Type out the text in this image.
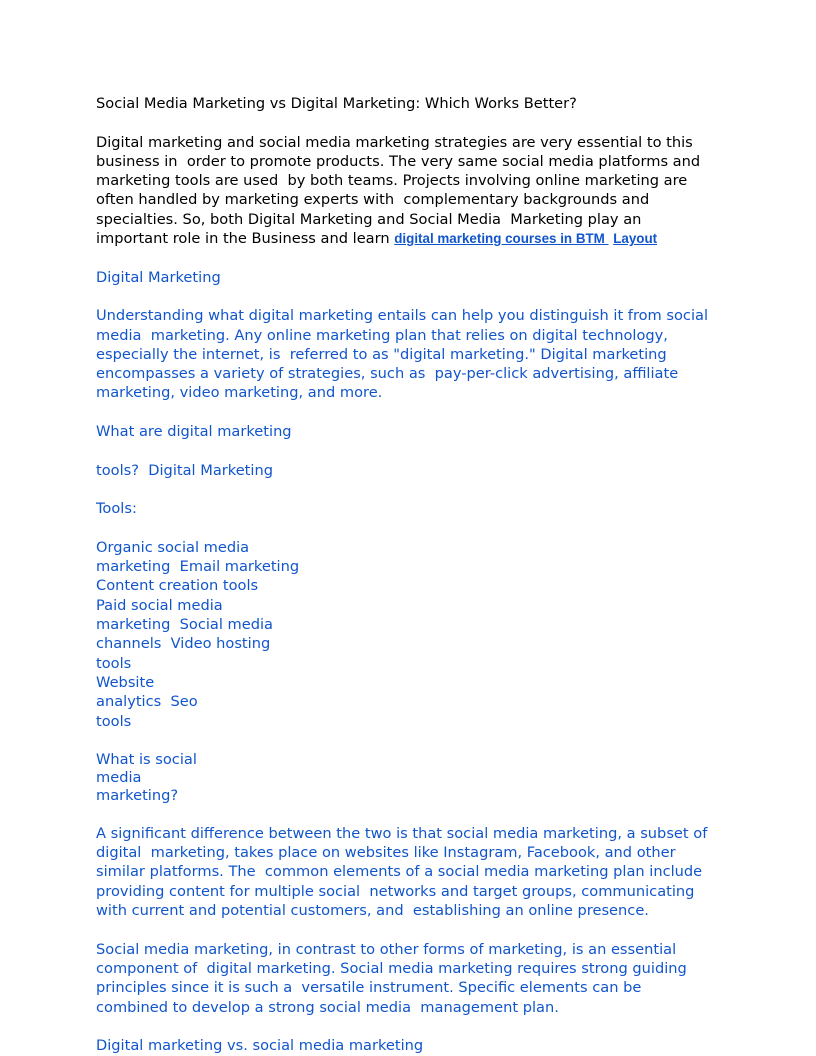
Social Media Marketing vs Digital Marketing: Which Works Better?
Digital marketing and social media marketing strategies are very essential to this
business in  order to promote products. The very same social media platforms and
marketing tools are used  by both teams. Projects involving online marketing are
often handled by marketing experts with  complementary backgrounds and
specialties. So, both Digital Marketing and Social Media  Marketing play an
important role in the Business and learn digital marketing courses in BTM  Layout
Digital Marketing
Understanding what digital marketing entails can help you distinguish it from social
media  marketing. Any online marketing plan that relies on digital technology,
especially the internet, is  referred to as "digital marketing." Digital marketing
encompasses a variety of strategies, such as  pay-per-click advertising, affiliate
marketing, video marketing, and more.
What are digital marketing
tools?  Digital Marketing
Tools:
Organic social media
marketing  Email marketing
Content creation tools
Paid social media
marketing  Social media
channels  Video hosting
tools
Website
analytics  Seo
tools
What is social
media
marketing?
A significant difference between the two is that social media marketing, a subset of
digital  marketing, takes place on websites like Instagram, Facebook, and other
similar platforms. The  common elements of a social media marketing plan include
providing content for multiple social  networks and target groups, communicating
with current and potential customers, and  establishing an online presence.
Social media marketing, in contrast to other forms of marketing, is an essential
component of  digital marketing. Social media marketing requires strong guiding
principles since it is such a  versatile instrument. Specific elements can be
combined to develop a strong social media  management plan.
Digital marketing vs. social media marketing
